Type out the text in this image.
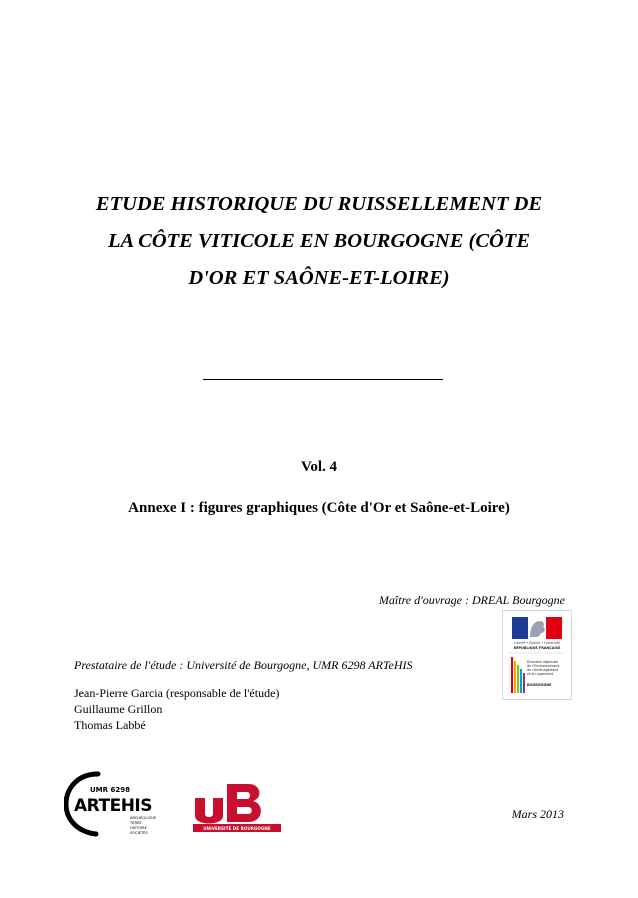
ETUDE HISTORIQUE DU RUISSELLEMENT DE
LA CÔTE VITICOLE EN BOURGOGNE (CÔTE
D'OR ET SAÔNE-ET-LOIRE)
Vol. 4
Annexe I : figures graphiques (Côte d'Or et Saône-et-Loire)
Maître d'ouvrage : DREAL Bourgogne
Liberté • Égalité • Fraternité
RÉPUBLIQUE FRANÇAISE
Direction régionale de l'Environnement, de l'Aménagement et du Logement
BOURGOGNE
Prestataire de l'étude : Université de Bourgogne, UMR 6298 ARTeHIS
Jean-Pierre Garcia (responsable de l'étude)
Guillaume Grillon
Thomas Labbé
UMR 6298
ARTEHIS
ARCHÉOLOGIE
TERRE
HISTOIRE
SOCIÉTÉS
UNIVERSITÉ DE BOURGOGNE
Mars 2013
